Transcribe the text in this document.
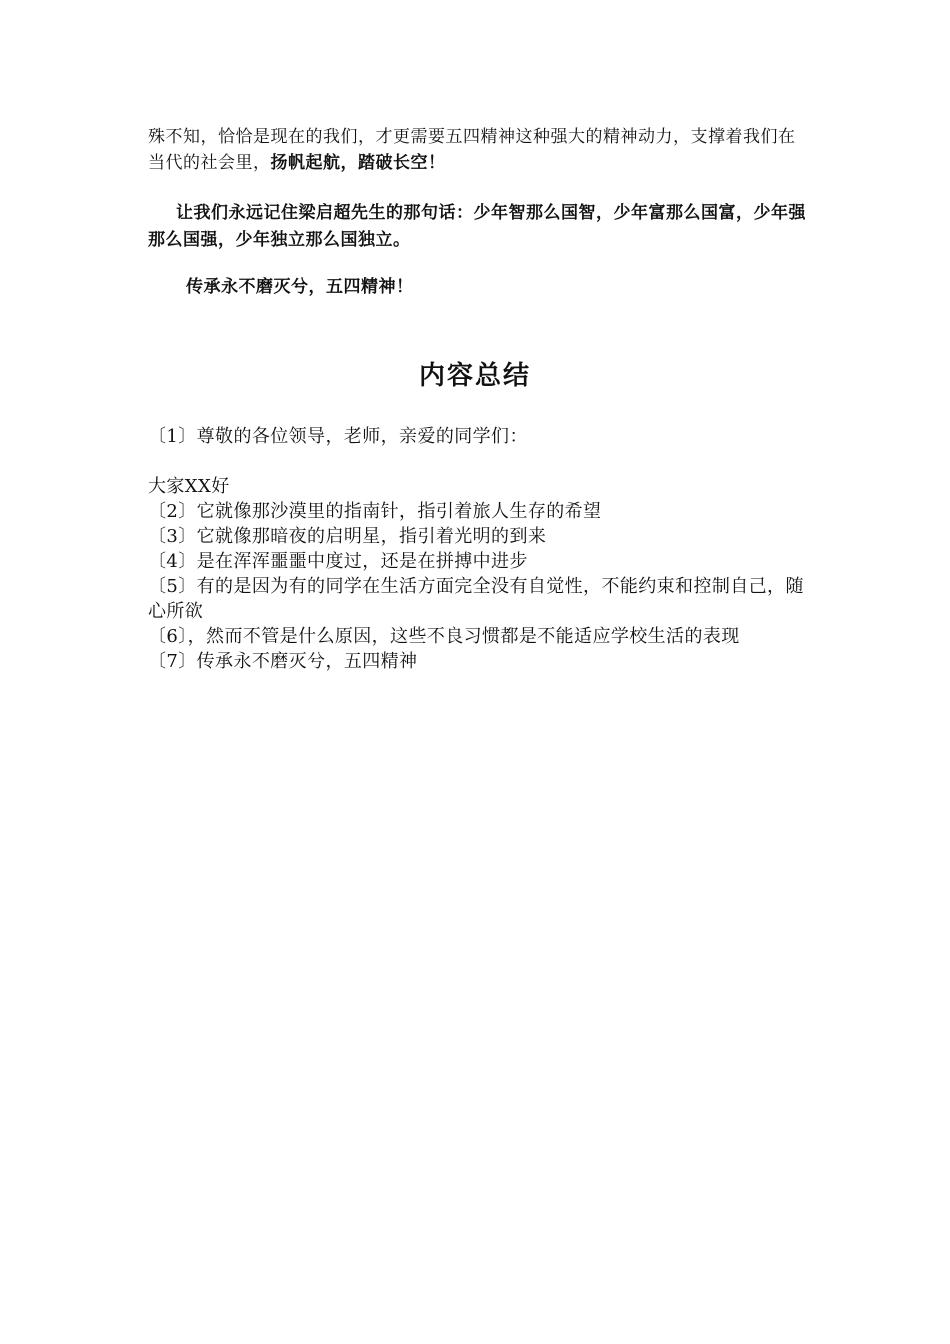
殊不知，恰恰是现在的我们，才更需要五四精神这种强大的精神动力，支撑着我们在当代的社会里，扬帆起航，踏破长空！
让我们永远记住梁启超先生的那句话：少年智那么国智，少年富那么国富，少年强那么国强，少年独立那么国独立。
传承永不磨灭兮，五四精神！
内容总结
〔1〕尊敬的各位领导，老师，亲爱的同学们：
大家XX好
〔2〕它就像那沙漠里的指南针，指引着旅人生存的希望
〔3〕它就像那暗夜的启明星，指引着光明的到来
〔4〕是在浑浑噩噩中度过，还是在拼搏中进步
〔5〕有的是因为有的同学在生活方面完全没有自觉性，不能约束和控制自己，随心所欲
〔6〕，然而不管是什么原因，这些不良习惯都是不能适应学校生活的表现
〔7〕传承永不磨灭兮，五四精神
